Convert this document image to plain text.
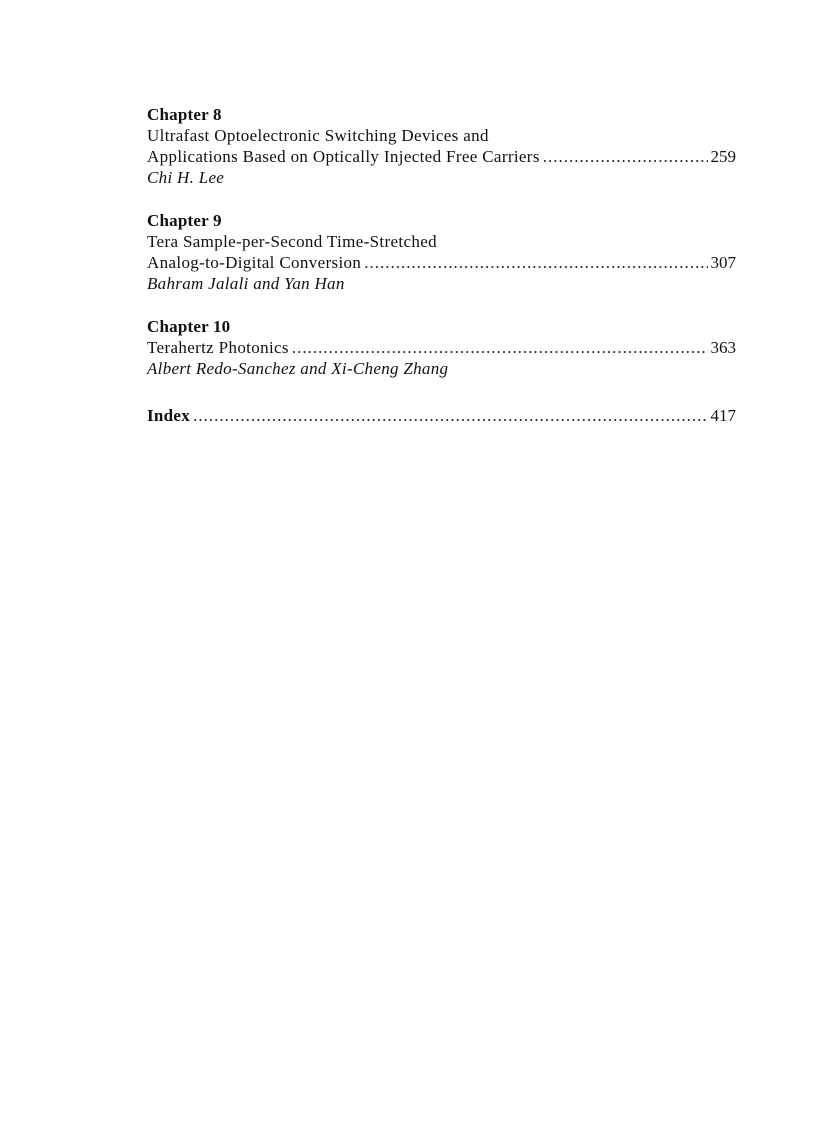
Chapter 8
Ultrafast Optoelectronic Switching Devices and
Applications Based on Optically Injected Free Carriers .....	259
Chi H. Lee
Chapter 9
Tera Sample-per-Second Time-Stretched
Analog-to-Digital Conversion .....	307
Bahram Jalali and Yan Han
Chapter 10
Terahertz Photonics .....	363
Albert Redo-Sanchez and Xi-Cheng Zhang
Index .....	417
